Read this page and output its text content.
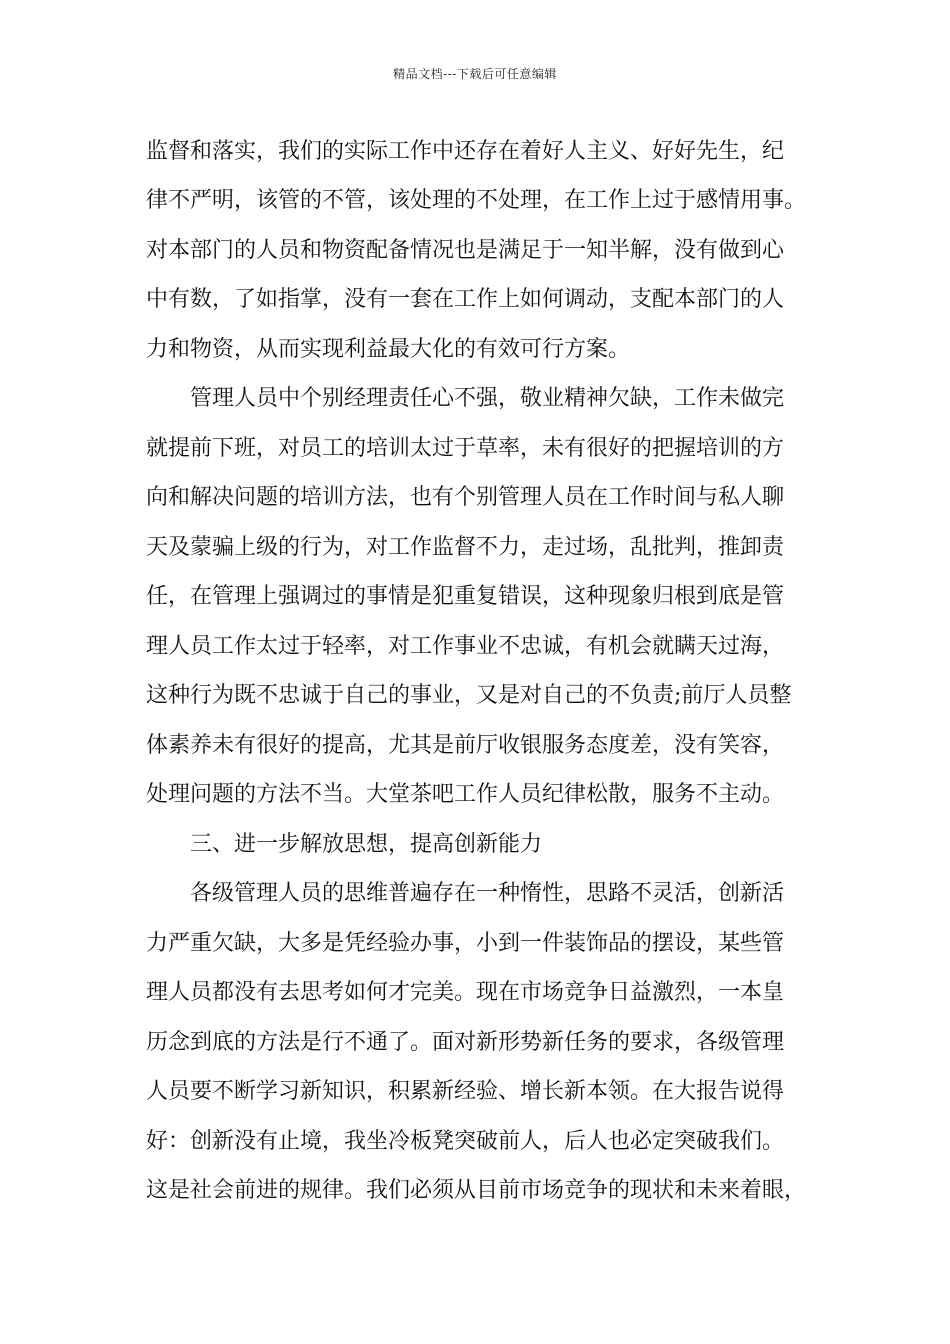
精品文档---下载后可任意编辑
监督和落实，我们的实际工作中还存在着好人主义、好好先生，纪
律不严明，该管的不管，该处理的不处理，在工作上过于感情用事。
对本部门的人员和物资配备情况也是满足于一知半解，没有做到心
中有数，了如指掌，没有一套在工作上如何调动，支配本部门的人
力和物资，从而实现利益最大化的有效可行方案。
管理人员中个别经理责任心不强，敬业精神欠缺，工作未做完
就提前下班，对员工的培训太过于草率，未有很好的把握培训的方
向和解决问题的培训方法，也有个别管理人员在工作时间与私人聊
天及蒙骗上级的行为，对工作监督不力，走过场，乱批判，推卸责
任，在管理上强调过的事情是犯重复错误，这种现象归根到底是管
理人员工作太过于轻率，对工作事业不忠诚，有机会就瞒天过海，
这种行为既不忠诚于自己的事业，又是对自己的不负责;前厅人员整
体素养未有很好的提高，尤其是前厅收银服务态度差，没有笑容，
处理问题的方法不当。大堂茶吧工作人员纪律松散，服务不主动。
三、进一步解放思想，提高创新能力
各级管理人员的思维普遍存在一种惰性，思路不灵活，创新活
力严重欠缺，大多是凭经验办事，小到一件装饰品的摆设，某些管
理人员都没有去思考如何才完美。现在市场竞争日益激烈，一本皇
历念到底的方法是行不通了。面对新形势新任务的要求，各级管理
人员要不断学习新知识，积累新经验、增长新本领。在大报告说得
好：创新没有止境，我坐冷板凳突破前人，后人也必定突破我们。
这是社会前进的规律。我们必须从目前市场竞争的现状和未来着眼，
